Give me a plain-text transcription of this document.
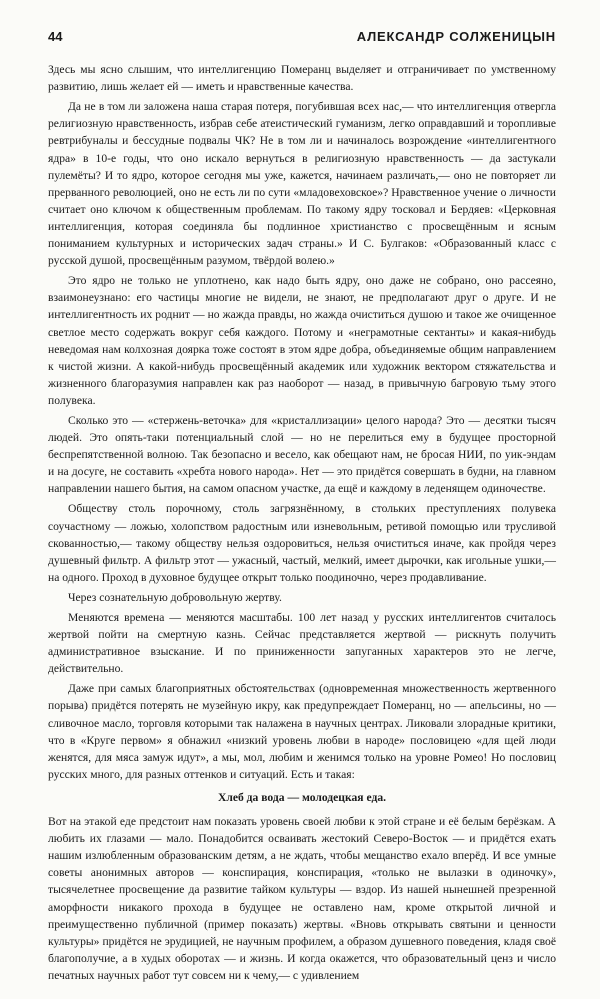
44	АЛЕКСАНДР СОЛЖЕНИЦЫН

Здесь мы ясно слышим, что интеллигенцию Померанц выделяет и отграничивает по умственному развитию, лишь желает ей — иметь и нравственные качества.

Да не в том ли заложена наша старая потеря, погубившая всех нас,— что интеллигенция отвергла религиозную нравственность, избрав себе атеистический гуманизм, легко оправдавший и торопливые ревтрибуналы и бессудные подвалы ЧК? Не в том ли и начиналось возрождение «интеллигентного ядра» в 10-е годы, что оно искало вернуться в религиозную нравственность — да застукали пулемёты? И то ядро, которое сегодня мы уже, кажется, начинаем различать,— оно не повторяет ли прерванного революцией, оно не есть ли по сути «младовеховское»? Нравственное учение о личности считает оно ключом к общественным проблемам. По такому ядру тосковал и Бердяев: «Церковная интеллигенция, которая соединяла бы подлинное христианство с просвещённым и ясным пониманием культурных и исторических задач страны.» И С. Булгаков: «Образованный класс с русской душой, просвещённым разумом, твёрдой волею.»

Это ядро не только не уплотнено, как надо быть ядру, оно даже не собрано, оно рассеяно, взаимонеузнано: его частицы многие не видели, не знают, не предполагают друг о друге. И не интеллигентность их роднит — но жажда правды, но жажда очиститься душою и такое же очищенное светлое место содержать вокруг себя каждого. Потому и «неграмотные сектанты» и какая-нибудь неведомая нам колхозная доярка тоже состоят в этом ядре добра, объединяемые общим направлением к чистой жизни. А какой-нибудь просвещённый академик или художник вектором стяжательства и жизненного благоразумия направлен как раз наоборот — назад, в привычную багровую тьму этого полувека.

Сколько это — «стержень-веточка» для «кристаллизации» целого народа? Это — десятки тысяч людей. Это опять-таки потенциальный слой — но не перелиться ему в будущее просторной беспрепятственной волною. Так безопасно и весело, как обещают нам, не бросая НИИ, по уик-эндам и на досуге, не составить «хребта нового народа». Нет — это придётся совершать в будни, на главном направлении нашего бытия, на самом опасном участке, да ещё и каждому в леденящем одиночестве.

Обществу столь порочному, столь загрязнённому, в стольких преступлениях полувека соучастному — ложью, холопством радостным или изневольным, ретивой помощью или трусливой скованностью,— такому обществу нельзя оздоровиться, нельзя очиститься иначе, как пройдя через душевный фильтр. А фильтр этот — ужасный, частый, мелкий, имеет дырочки, как игольные ушки,— на одного. Проход в духовное будущее открыт только поодиночно, через продавливание.

Через сознательную добровольную жертву.

Меняются времена — меняются масштабы. 100 лет назад у русских интеллигентов считалось жертвой пойти на смертную казнь. Сейчас представляется жертвой — рискнуть получить административное взыскание. И по приниженности запуганных характеров это не легче, действительно.

Даже при самых благоприятных обстоятельствах (одновременная множественность жертвенного порыва) придётся потерять не музейную икру, как предупреждает Померанц, но — апельсины, но — сливочное масло, торговля которыми так налажена в научных центрах. Ликовали злорадные критики, что в «Круге первом» я обнажил «низкий уровень любви в народе» пословицею «для щей люди женятся, для мяса замуж идут», а мы, мол, любим и женимся только на уровне Ромео! Но пословиц русских много, для разных оттенков и ситуаций. Есть и такая:

Хлеб да вода — молодецкая еда.

Вот на этакой еде предстоит нам показать уровень своей любви к этой стране и её белым берёзкам. А любить их глазами — мало. Понадобится осваивать жестокий Северо-Восток — и придётся ехать нашим излюбленным образованским детям, а не ждать, чтобы мещанство ехало вперёд. И все умные советы анонимных авторов — конспирация, конспирация, «только не вылазки в одиночку», тысячелетнее просвещение да развитие тайком культуры — вздор. Из нашей нынешней презренной аморфности никакого прохода в будущее не оставлено нам, кроме открытой личной и преимущественно публичной (пример показать) жертвы. «Вновь открывать святыни и ценности культуры» придётся не эрудицией, не научным профилем, а образом душевного поведения, кладя своё благополучие, а в худых оборотах — и жизнь. И когда окажется, что образовательный ценз и число печатных научных работ тут совсем ни к чему,— с удивлением
